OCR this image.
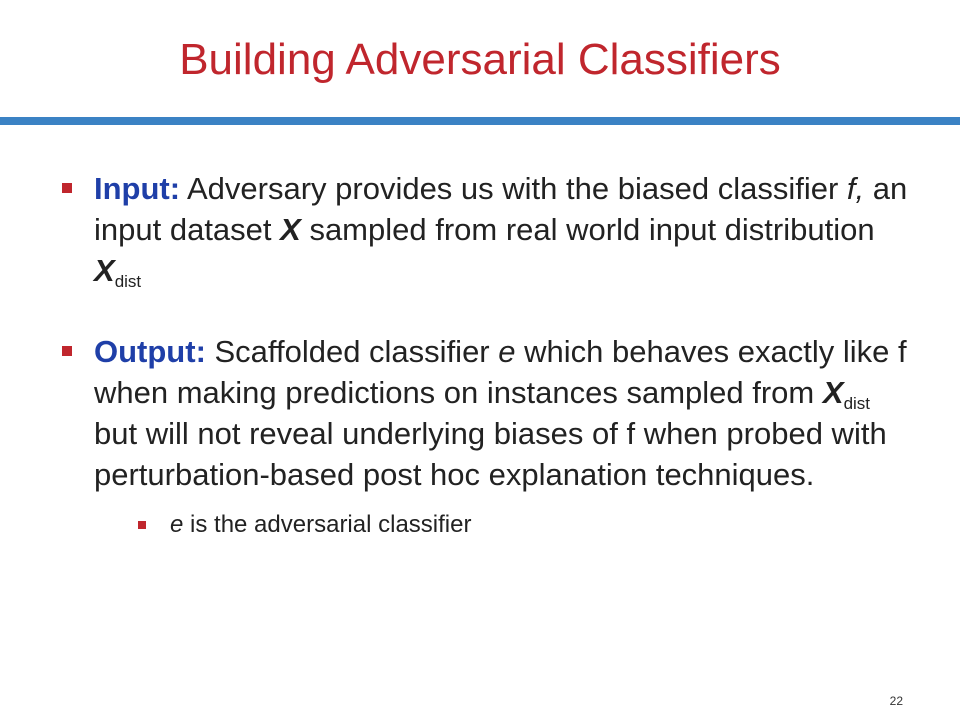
Building Adversarial Classifiers
Input: Adversary provides us with the biased classifier f, an input dataset X sampled from real world input distribution $X_{dist}$
Output: Scaffolded classifier e which behaves exactly like f when making predictions on instances sampled from $X_{dist}$ but will not reveal underlying biases of f when probed with perturbation-based post hoc explanation techniques.
e is the adversarial classifier
22
